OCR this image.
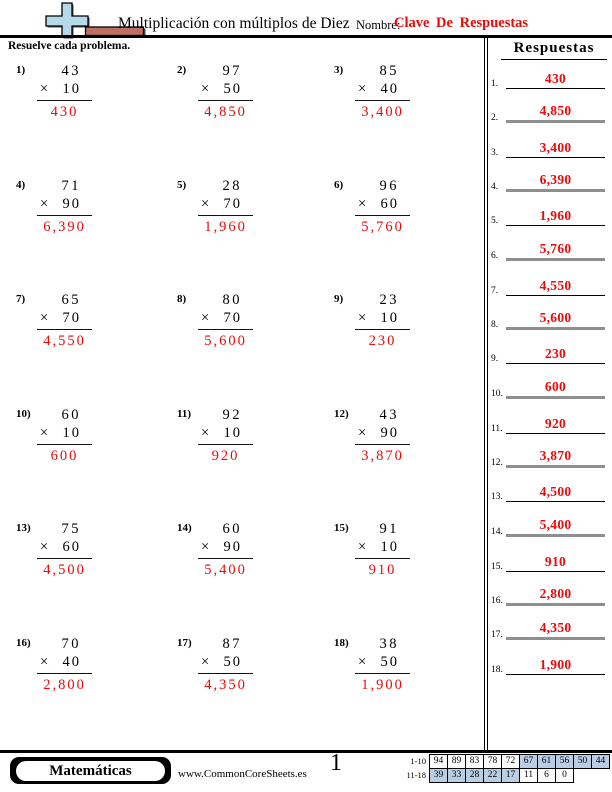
Multiplicación con múltiplos de Diez Nombre:
Clave De Respuestas
Resuelve cada problema.
1)	43
× 10
430
2)	97
× 50
4,850
3)	85
× 40
3,400
4)	71
× 90
6,390
5)	28
× 70
1,960
6)	96
× 60
5,760
7)	65
× 70
4,550
8)	80
× 70
5,600
9)	23
× 10
230
10)	60
× 10
600
11)	92
× 10
920
12)	43
× 90
3,870
13)	75
× 60
4,500
14)	60
× 90
5,400
15)	91
× 10
910
16)	70
× 40
2,800
17)	87
× 50
4,350
18)	38
× 50
1,900
Respuestas
1.	430
2.	4,850
3.	3,400
4.	6,390
5.	1,960
6.	5,760
7.	4,550
8.	5,600
9.	230
10.	600
11.	920
12.	3,870
13.	4,500
14.	5,400
15.	910
16.	2,800
17.	4,350
18.	1,900
Matemáticas	www.CommonCoreSheets.es 1	1-10 94 89 83 78 72 67 61 56 50 44
11-18 39 33 28 22 17 11	6	0
